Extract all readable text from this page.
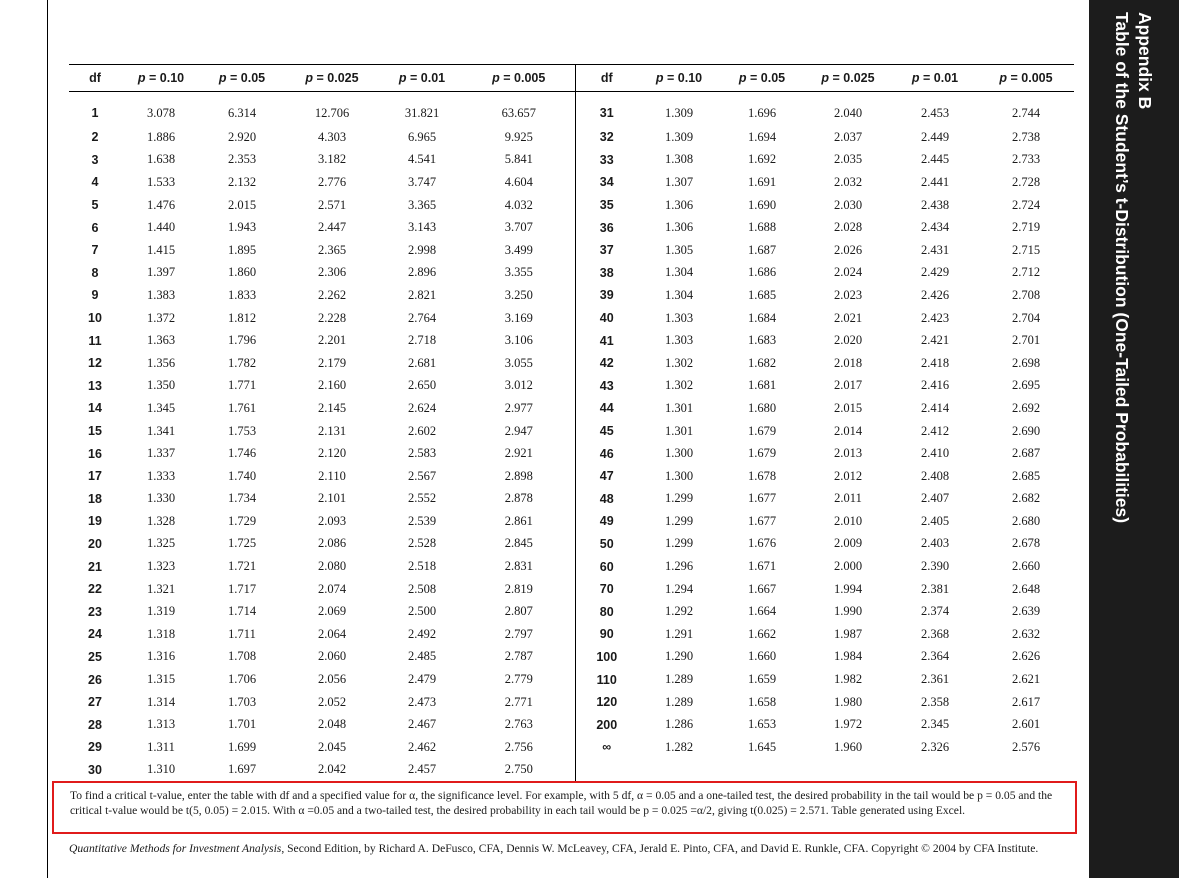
df	p = 0.10	p = 0.05	p = 0.025	p = 0.01	p = 0.005	df	p = 0.10	p = 0.05	p = 0.025	p = 0.01	p = 0.005
1	3.078	6.314	12.706	31.821	63.657	31	1.309	1.696	2.040	2.453	2.744
2	1.886	2.920	4.303	6.965	9.925	32	1.309	1.694	2.037	2.449	2.738
3	1.638	2.353	3.182	4.541	5.841	33	1.308	1.692	2.035	2.445	2.733
4	1.533	2.132	2.776	3.747	4.604	34	1.307	1.691	2.032	2.441	2.728
5	1.476	2.015	2.571	3.365	4.032	35	1.306	1.690	2.030	2.438	2.724
6	1.440	1.943	2.447	3.143	3.707	36	1.306	1.688	2.028	2.434	2.719
7	1.415	1.895	2.365	2.998	3.499	37	1.305	1.687	2.026	2.431	2.715
8	1.397	1.860	2.306	2.896	3.355	38	1.304	1.686	2.024	2.429	2.712
9	1.383	1.833	2.262	2.821	3.250	39	1.304	1.685	2.023	2.426	2.708
10	1.372	1.812	2.228	2.764	3.169	40	1.303	1.684	2.021	2.423	2.704
11	1.363	1.796	2.201	2.718	3.106	41	1.303	1.683	2.020	2.421	2.701
12	1.356	1.782	2.179	2.681	3.055	42	1.302	1.682	2.018	2.418	2.698
13	1.350	1.771	2.160	2.650	3.012	43	1.302	1.681	2.017	2.416	2.695
14	1.345	1.761	2.145	2.624	2.977	44	1.301	1.680	2.015	2.414	2.692
15	1.341	1.753	2.131	2.602	2.947	45	1.301	1.679	2.014	2.412	2.690
16	1.337	1.746	2.120	2.583	2.921	46	1.300	1.679	2.013	2.410	2.687
17	1.333	1.740	2.110	2.567	2.898	47	1.300	1.678	2.012	2.408	2.685
18	1.330	1.734	2.101	2.552	2.878	48	1.299	1.677	2.011	2.407	2.682
19	1.328	1.729	2.093	2.539	2.861	49	1.299	1.677	2.010	2.405	2.680
20	1.325	1.725	2.086	2.528	2.845	50	1.299	1.676	2.009	2.403	2.678
21	1.323	1.721	2.080	2.518	2.831	60	1.296	1.671	2.000	2.390	2.660
22	1.321	1.717	2.074	2.508	2.819	70	1.294	1.667	1.994	2.381	2.648
23	1.319	1.714	2.069	2.500	2.807	80	1.292	1.664	1.990	2.374	2.639
24	1.318	1.711	2.064	2.492	2.797	90	1.291	1.662	1.987	2.368	2.632
25	1.316	1.708	2.060	2.485	2.787	100	1.290	1.660	1.984	2.364	2.626
26	1.315	1.706	2.056	2.479	2.779	110	1.289	1.659	1.982	2.361	2.621
27	1.314	1.703	2.052	2.473	2.771	120	1.289	1.658	1.980	2.358	2.617
28	1.313	1.701	2.048	2.467	2.763	200	1.286	1.653	1.972	2.345	2.601
29	1.311	1.699	2.045	2.462	2.756	∞	1.282	1.645	1.960	2.326	2.576
30	1.310	1.697	2.042	2.457	2.750						
To find a critical t-value, enter the table with df and a specified value for α, the significance level. For example, with 5 df, α = 0.05 and a one-tailed test, the desired probability in the tail would be p = 0.05 and the critical t-value would be t(5, 0.05) = 2.015. With α =0.05 and a two-tailed test, the desired probability in each tail would be p = 0.025 =α/2, giving t(0.025) = 2.571. Table generated using Excel.
Quantitative Methods for Investment Analysis, Second Edition, by Richard A. DeFusco, CFA, Dennis W. McLeavey, CFA, Jerald E. Pinto, CFA, and David E. Runkle, CFA. Copyright © 2004 by CFA Institute.
Appendix B
Table of the Student’s t-Distribution (One-Tailed Probabilities)
